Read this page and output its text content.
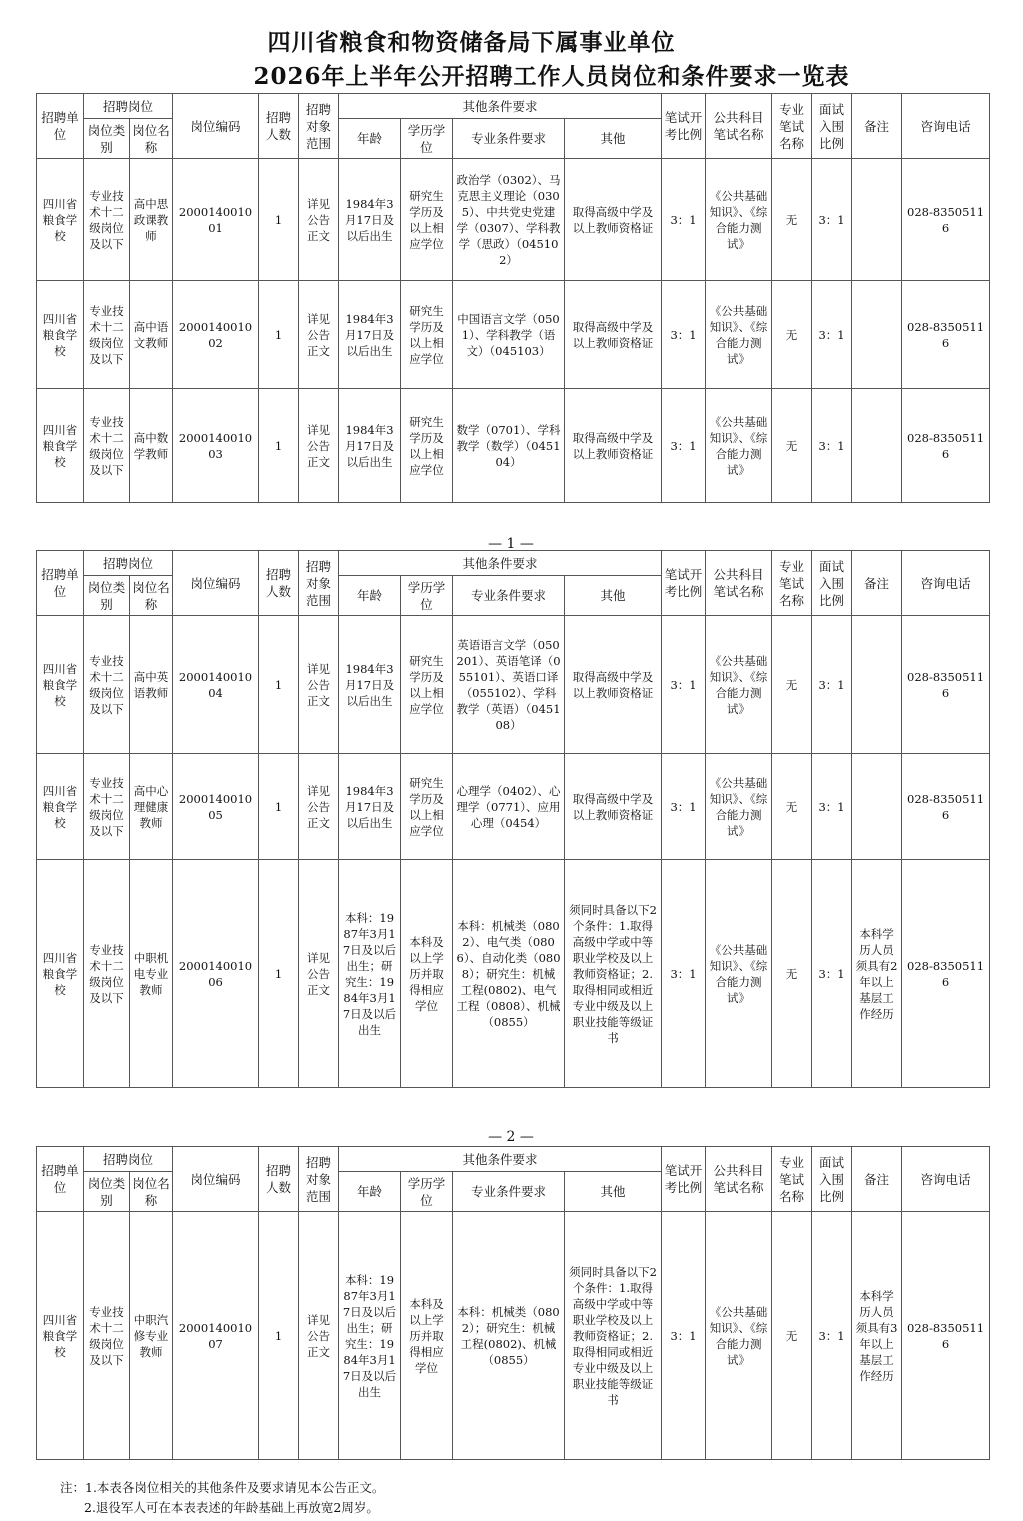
四川省粮食和物资储备局下属事业单位
2026年上半年公开招聘工作人员岗位和条件要求一览表
招聘单位	招聘岗位		岗位编码	招聘人数	招聘对象范围	其他条件要求				笔试开考比例	公共科目笔试名称	专业笔试名称	面试入围比例	备注	咨询电话
	岗位类别	岗位名称				年龄	学历学位	专业条件要求	其他						
四川省粮食学校	专业技术十二级岗位及以下	高中思政课教师	200014001001	1	详见公告正文	1984年3月17日及以后出生	研究生学历及以上相应学位	政治学（0302）、马克思主义理论（0305）、中共党史党建学（0307）、学科教学（思政）（045102）	取得高级中学及以上教师资格证	3：1	《公共基础知识》、《综合能力测试》	无	3：1		028-83505116
四川省粮食学校	专业技术十二级岗位及以下	高中语文教师	200014001002	1	详见公告正文	1984年3月17日及以后出生	研究生学历及以上相应学位	中国语言文学（0501）、学科教学（语文）（045103）	取得高级中学及以上教师资格证	3：1	《公共基础知识》、《综合能力测试》	无	3：1		028-83505116
四川省粮食学校	专业技术十二级岗位及以下	高中数学教师	200014001003	1	详见公告正文	1984年3月17日及以后出生	研究生学历及以上相应学位	数学（0701）、学科教学（数学）（045104）	取得高级中学及以上教师资格证	3：1	《公共基础知识》、《综合能力测试》	无	3：1		028-83505116
招聘单位	招聘岗位		岗位编码	招聘人数	招聘对象范围	其他条件要求				笔试开考比例	公共科目笔试名称	专业笔试名称	面试入围比例	备注	咨询电话
	岗位类别	岗位名称				年龄	学历学位	专业条件要求	其他						
四川省粮食学校	专业技术十二级岗位及以下	高中英语教师	200014001004	1	详见公告正文	1984年3月17日及以后出生	研究生学历及以上相应学位	英语语言文学（050201）、英语笔译（055101）、英语口译（055102）、学科教学（英语）（045108）	取得高级中学及以上教师资格证	3：1	《公共基础知识》、《综合能力测试》	无	3：1		028-83505116
四川省粮食学校	专业技术十二级岗位及以下	高中心理健康教师	200014001005	1	详见公告正文	1984年3月17日及以后出生	研究生学历及以上相应学位	心理学（0402）、心理学（0771）、应用心理（0454）	取得高级中学及以上教师资格证	3：1	《公共基础知识》、《综合能力测试》	无	3：1		028-83505116
四川省粮食学校	专业技术十二级岗位及以下	中职机电专业教师	200014001006	1	详见公告正文	本科：1987年3月17日及以后出生；研究生：1984年3月17日及以后出生	本科及以上学历并取得相应学位	本科：机械类（0802）、电气类（0806）、自动化类（0808）；研究生：机械工程(0802)、电气工程（0808）、机械（0855）	须同时具备以下2个条件：1.取得高级中学或中等职业学校及以上教师资格证；2.取得相同或相近专业中级及以上职业技能等级证书	3：1	《公共基础知识》、《综合能力测试》	无	3：1	本科学历人员须具有2年以上基层工作经历	028-83505116
招聘单位	招聘岗位		岗位编码	招聘人数	招聘对象范围	其他条件要求				笔试开考比例	公共科目笔试名称	专业笔试名称	面试入围比例	备注	咨询电话
	岗位类别	岗位名称				年龄	学历学位	专业条件要求	其他						
四川省粮食学校	专业技术十二级岗位及以下	中职汽修专业教师	200014001007	1	详见公告正文	本科：1987年3月17日及以后出生；研究生：1984年3月17日及以后出生	本科及以上学历并取得相应学位	本科：机械类（0802）；研究生：机械工程(0802)、机械（0855）	须同时具备以下2个条件：1.取得高级中学或中等职业学校及以上教师资格证；2.取得相同或相近专业中级及以上职业技能等级证书	3：1	《公共基础知识》、《综合能力测试》	无	3：1	本科学历人员须具有3年以上基层工作经历	028-83505116
— 1 —
— 2 —
注：1.本表各岗位相关的其他条件及要求请见本公告正文。
2.退役军人可在本表表述的年龄基础上再放宽2周岁。
